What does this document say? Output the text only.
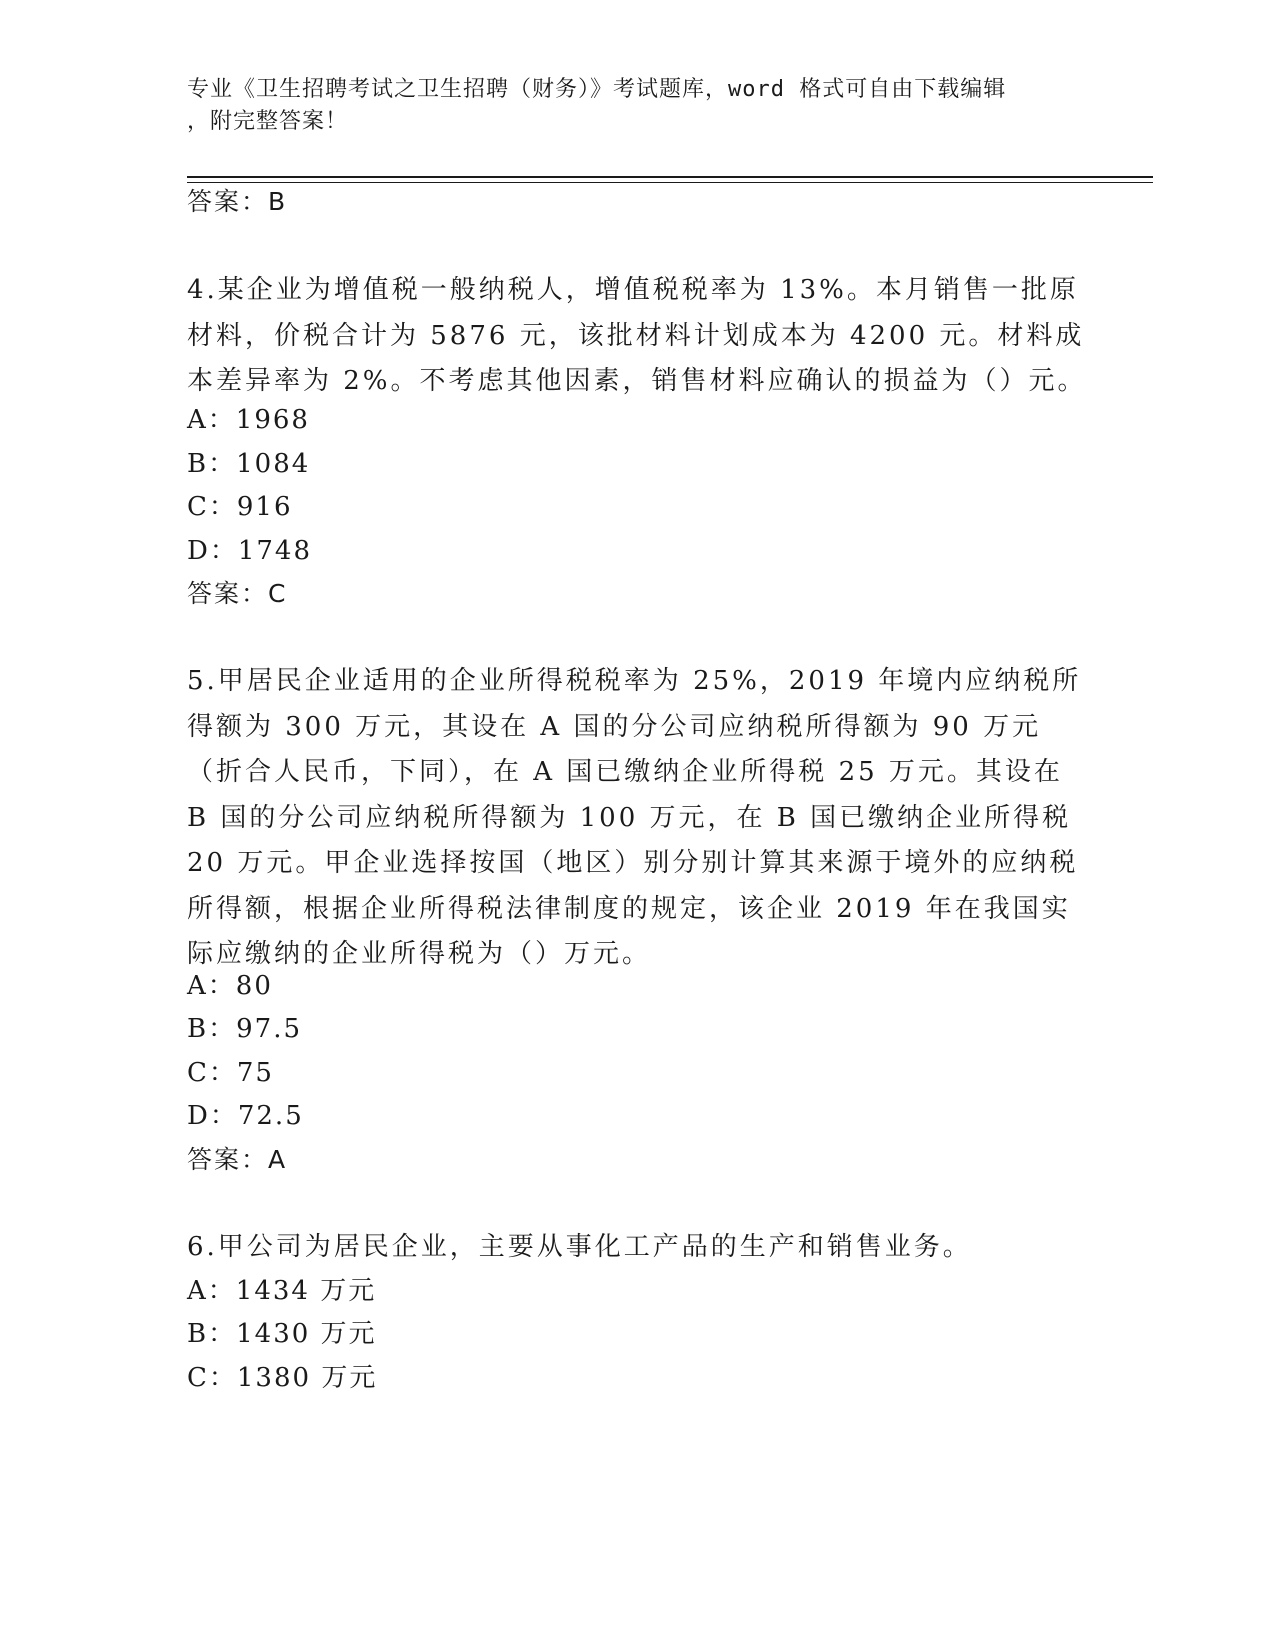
专业《卫生招聘考试之卫生招聘（财务）》考试题库，word 格式可自由下载编辑
，附完整答案！
答案：B
4.某企业为增值税一般纳税人，增值税税率为 13%。本月销售一批原材料，价税合计为 5876 元，该批材料计划成本为 4200 元。材料成本差异率为 2%。不考虑其他因素，销售材料应确认的损益为（）元。
A：1968
B：1084
C：916
D：1748
答案：C
5.甲居民企业适用的企业所得税税率为 25%，2019 年境内应纳税所得额为 300 万元，其设在 A 国的分公司应纳税所得额为 90 万元（折合人民币，下同），在 A 国已缴纳企业所得税 25 万元。其设在 B 国的分公司应纳税所得额为 100 万元，在 B 国已缴纳企业所得税 20 万元。甲企业选择按国（地区）别分别计算其来源于境外的应纳税所得额，根据企业所得税法律制度的规定，该企业 2019 年在我国实际应缴纳的企业所得税为（）万元。
A：80
B：97.5
C：75
D：72.5
答案：A
6.甲公司为居民企业，主要从事化工产品的生产和销售业务。
A：1434 万元
B：1430 万元
C：1380 万元
